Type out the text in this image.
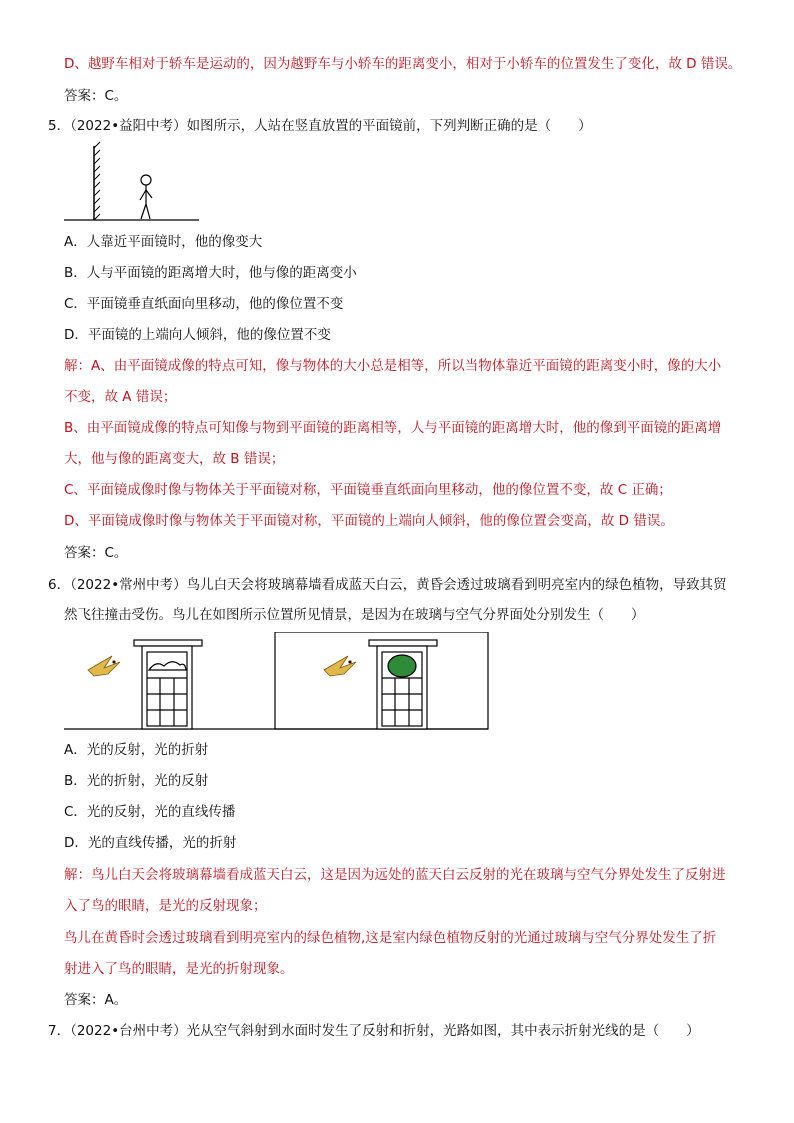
D、越野车相对于轿车是运动的，因为越野车与小轿车的距离变小，相对于小轿车的位置发生了变化，故 D 错误。
答案：C。
5．（2022•益阳中考）如图所示，人站在竖直放置的平面镜前，下列判断正确的是（　　）
A．人靠近平面镜时，他的像变大
B．人与平面镜的距离增大时，他与像的距离变小
C．平面镜垂直纸面向里移动，他的像位置不变
D．平面镜的上端向人倾斜，他的像位置不变
解：A、由平面镜成像的特点可知，像与物体的大小总是相等，所以当物体靠近平面镜的距离变小时，像的大小
不变，故 A 错误；
B、由平面镜成像的特点可知像与物到平面镜的距离相等，人与平面镜的距离增大时，他的像到平面镜的距离增
大，他与像的距离变大，故 B 错误；
C、平面镜成像时像与物体关于平面镜对称，平面镜垂直纸面向里移动，他的像位置不变，故 C 正确；
D、平面镜成像时像与物体关于平面镜对称，平面镜的上端向人倾斜，他的像位置会变高，故 D 错误。
答案：C。
6．（2022•常州中考）鸟儿白天会将玻璃幕墙看成蓝天白云，黄昏会透过玻璃看到明亮室内的绿色植物，导致其贸
然飞往撞击受伤。鸟儿在如图所示位置所见情景，是因为在玻璃与空气分界面处分别发生（　　）
A．光的反射，光的折射
B．光的折射，光的反射
C．光的反射，光的直线传播
D．光的直线传播，光的折射
解：鸟儿白天会将玻璃幕墙看成蓝天白云，这是因为远处的蓝天白云反射的光在玻璃与空气分界处发生了反射进
入了鸟的眼睛，是光的反射现象；
鸟儿在黄昏时会透过玻璃看到明亮室内的绿色植物,这是室内绿色植物反射的光通过玻璃与空气分界处发生了折
射进入了鸟的眼睛，是光的折射现象。
答案：A。
7．（2022•台州中考）光从空气斜射到水面时发生了反射和折射，光路如图，其中表示折射光线的是（　　）
